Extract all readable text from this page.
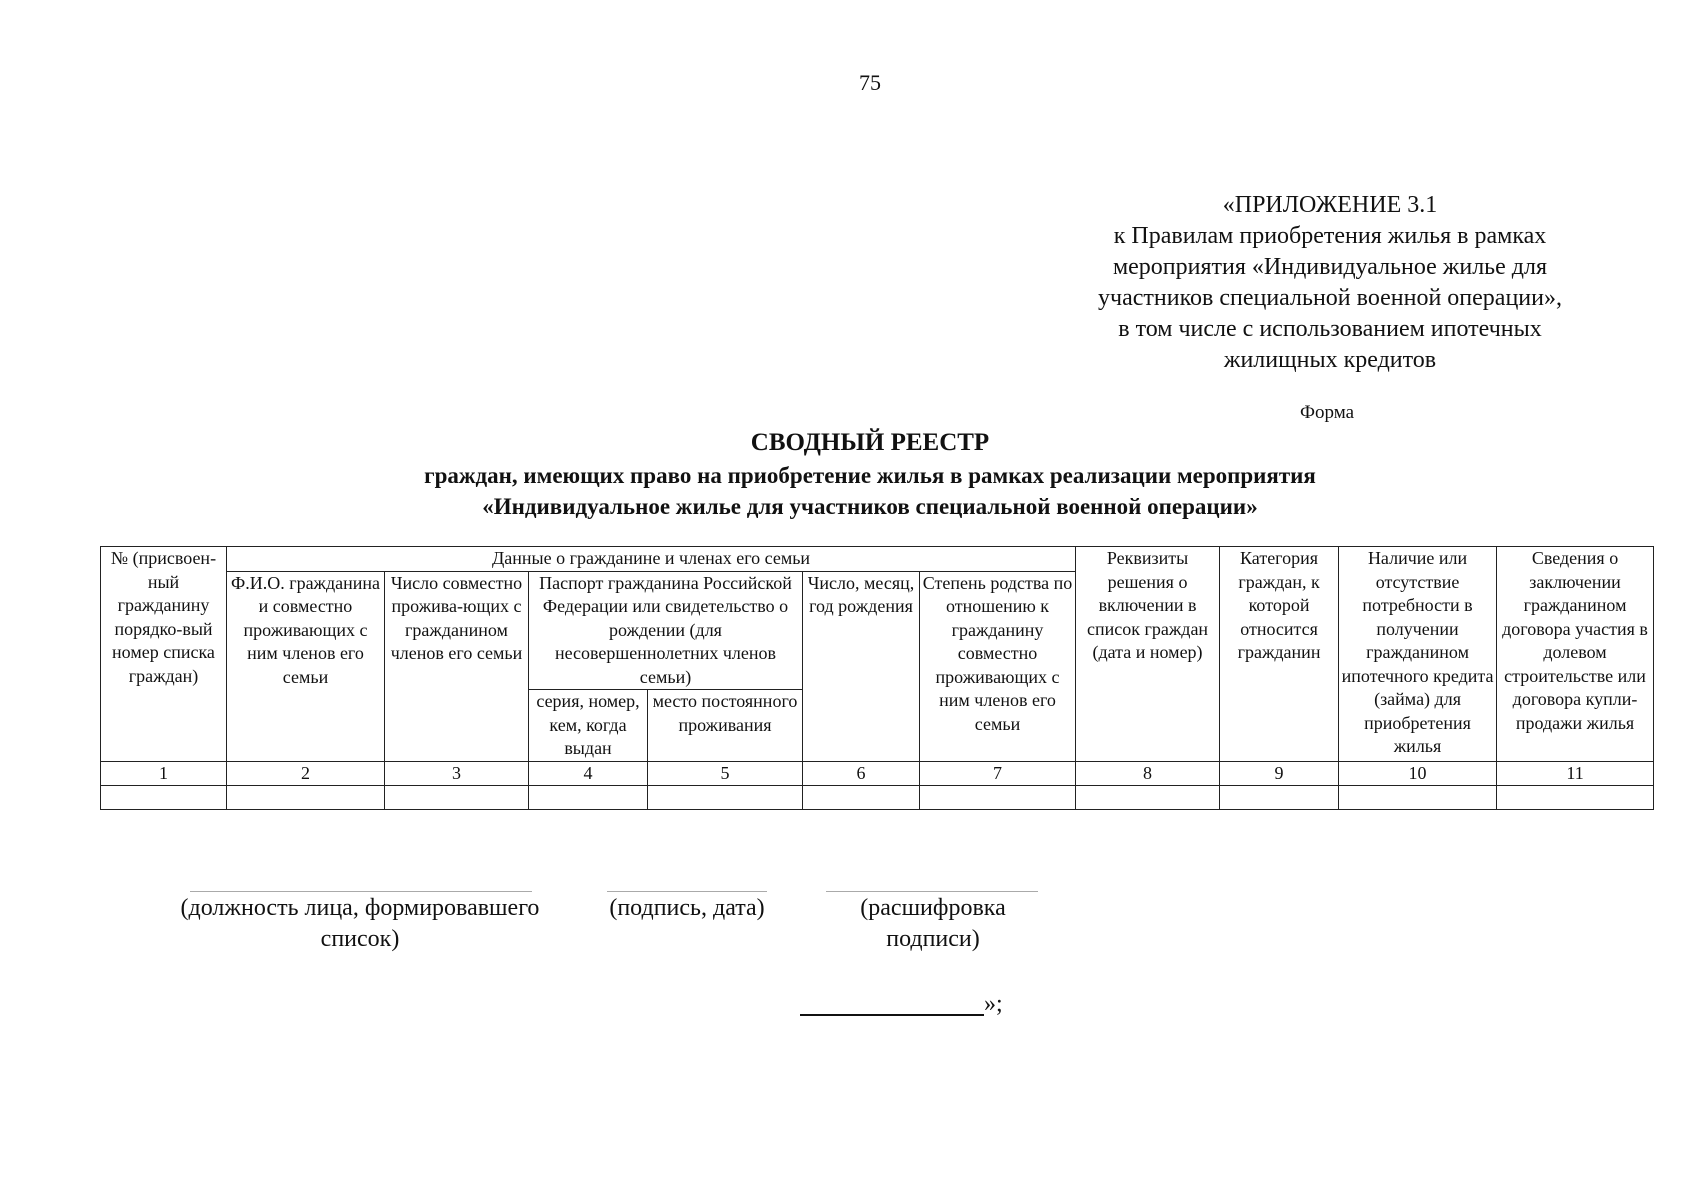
75
«ПРИЛОЖЕНИЕ 3.1
к Правилам приобретения жилья в рамках
мероприятия «Индивидуальное жилье для
участников специальной военной операции»,
в том числе с использованием ипотечных
жилищных кредитов
Форма
СВОДНЫЙ РЕЕСТР
граждан, имеющих право на приобретение жилья в рамках реализации мероприятия
«Индивидуальное жилье для участников специальной военной операции»
№ (присвоен-ный гражданину порядко-вый номер списка граждан)	Данные о гражданине и членах его семьи						Реквизиты решения о включении в список граждан (дата и номер)	Категория граждан, к которой относится гражданин	Наличие или отсутствие потребности в получении гражданином ипотечного кредита (займа) для приобретения жилья	Сведения о заключении гражданином договора участия в долевом строительстве или договора купли-продажи жилья
	Ф.И.О. гражданина и совместно проживающих с ним членов его семьи	Число совместно прожива-ющих с гражданином членов его семьи	Паспорт гражданина Российской Федерации или свидетельство о рождении (для несовершеннолетних членов семьи)		Число, месяц, год рождения	Степень родства по отношению к гражданину совместно проживающих с ним членов его семьи				
			серия, номер, кем, когда выдан	место постоянного проживания						
1	2	3	4	5	6	7	8	9	10	11

(должность лица, формировавшего список)
(подпись, дата)	(расшифровка подписи)
»;
